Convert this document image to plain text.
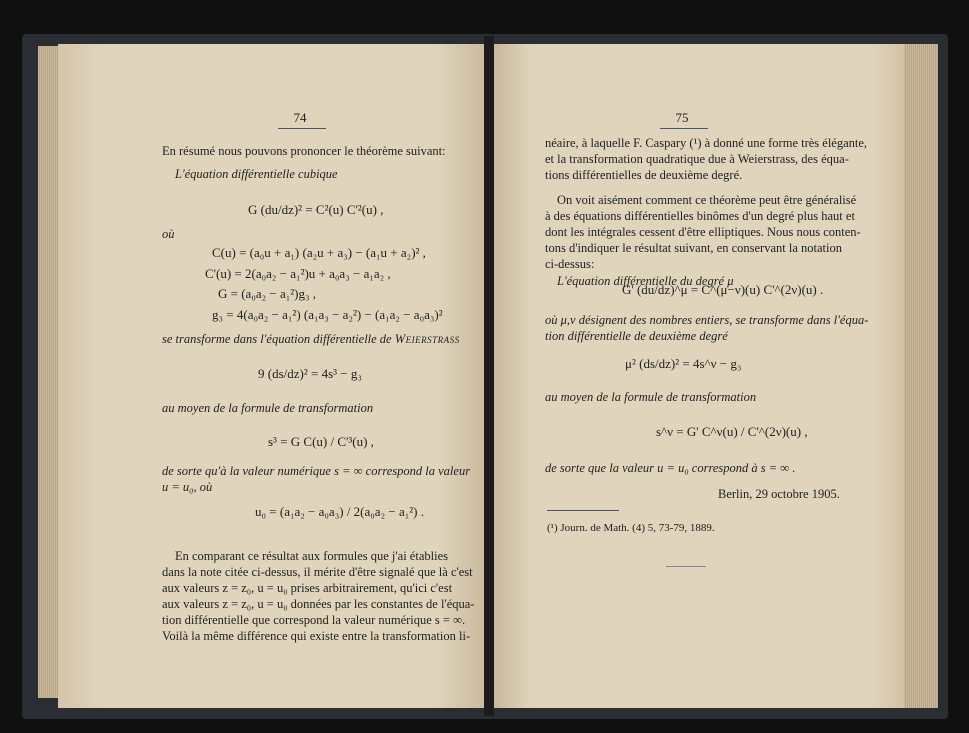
74
En résumé nous pouvons prononcer le théorème suivant:
L'équation différentielle cubique
G (du/dz)² = C²(u) C'²(u) ,
où
C(u) = (a₀u + a₁) (a₂u + a₃) − (a₁u + a₂)² ,
C'(u) = 2(a₀a₂ − a₁²)u + a₀a₃ − a₁a₂ ,
G = (a₀a₂ − a₁²)g₃ ,
g₃ = 4(a₀a₂ − a₁²) (a₁a₃ − a₂²) − (a₁a₂ − a₀a₃)²
se transforme dans l'équation différentielle de Weierstrass
9 (ds/dz)² = 4s³ − g₃
au moyen de la formule de transformation
s³ = G C(u) / C'³(u) ,
de sorte qu'à la valeur numérique s = ∞ correspond la valeur
u = u₀, où
u₀ = (a₁a₂ − a₀a₃) / 2(a₀a₂ − a₁²) .
En comparant ce résultat aux formules que j'ai établies
dans la note citée ci-dessus, il mérite d'être signalé que là c'est
aux valeurs z = z₀, u = u₀ prises arbitrairement, qu'ici c'est
aux valeurs z = z₀, u = u₀ données par les constantes de l'équa-
tion différentielle que correspond la valeur numérique s = ∞.
Voilà la même différence qui existe entre la transformation li-
75
néaire, à laquelle F. Caspary (¹) à donné une forme très élégante,
et la transformation quadratique due à Weierstrass, des équa-
tions différentielles de deuxième degré.
On voit aisément comment ce théorème peut être généralisé
à des équations différentielles binômes d'un degré plus haut et
dont les intégrales cessent d'être elliptiques. Nous nous conten-
tons d'indiquer le résultat suivant, en conservant la notation
ci-dessus:
L'équation différentielle du degré μ
G' (du/dz)^μ = C^(μ−ν)(u) C'^(2ν)(u) .
où μ,ν désignent des nombres entiers, se transforme dans l'équa-
tion différentielle de deuxième degré
μ² (ds/dz)² = 4s^ν − g₃
au moyen de la formule de transformation
s^ν = G' C^ν(u) / C'^(2ν)(u) ,
de sorte que la valeur u = u₀ correspond à s = ∞ .
Berlin, 29 octobre 1905.
(¹) Journ. de Math. (4) 5, 73-79, 1889.
